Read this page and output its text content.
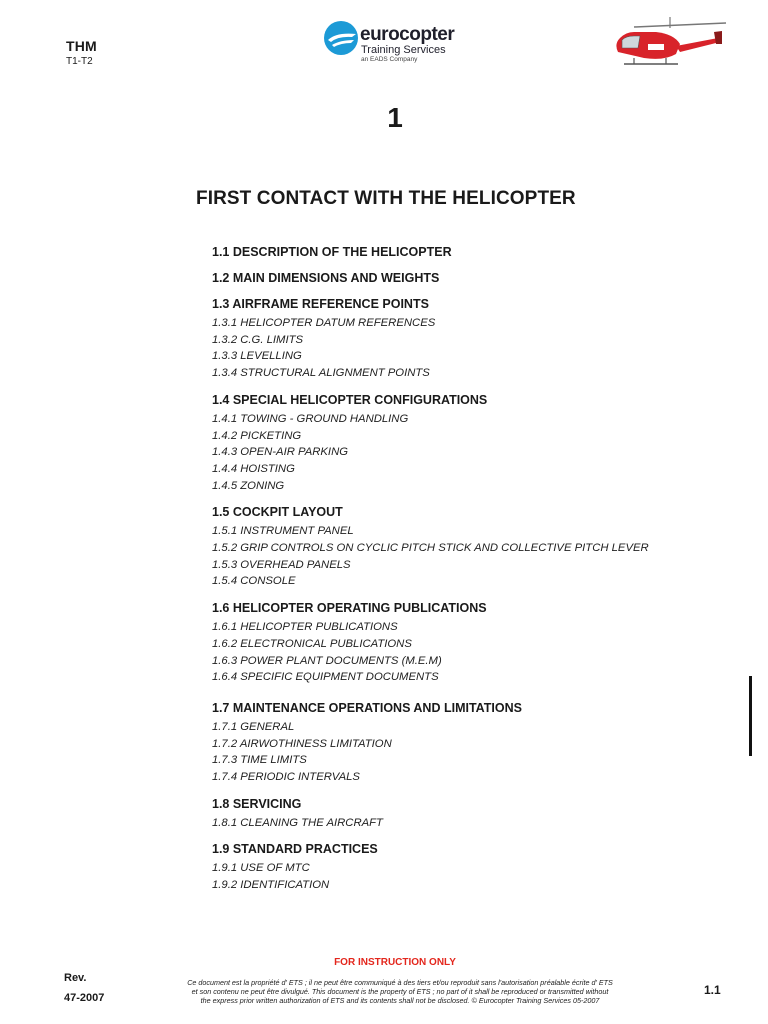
THM
T1-T2
eurocopter
Training Services
an EADS Company
1
FIRST CONTACT WITH THE HELICOPTER
1.1 DESCRIPTION OF THE HELICOPTER
1.2 MAIN DIMENSIONS AND WEIGHTS
1.3 AIRFRAME REFERENCE POINTS
1.3.1 HELICOPTER DATUM REFERENCES
1.3.2 C.G. LIMITS
1.3.3 LEVELLING
1.3.4 STRUCTURAL ALIGNMENT POINTS
1.4 SPECIAL HELICOPTER CONFIGURATIONS
1.4.1 TOWING - GROUND HANDLING
1.4.2 PICKETING
1.4.3 OPEN-AIR PARKING
1.4.4 HOISTING
1.4.5 ZONING
1.5 COCKPIT LAYOUT
1.5.1 INSTRUMENT PANEL
1.5.2 GRIP CONTROLS ON CYCLIC PITCH STICK AND COLLECTIVE PITCH LEVER
1.5.3 OVERHEAD PANELS
1.5.4 CONSOLE
1.6 HELICOPTER OPERATING PUBLICATIONS
1.6.1 HELICOPTER PUBLICATIONS
1.6.2 ELECTRONICAL PUBLICATIONS
1.6.3 POWER PLANT DOCUMENTS (M.E.M)
1.6.4 SPECIFIC EQUIPMENT DOCUMENTS
1.7 MAINTENANCE OPERATIONS AND LIMITATIONS
1.7.1 GENERAL
1.7.2 AIRWOTHINESS LIMITATION
1.7.3 TIME LIMITS
1.7.4 PERIODIC INTERVALS
1.8 SERVICING
1.8.1 CLEANING THE AIRCRAFT
1.9 STANDARD PRACTICES
1.9.1 USE OF MTC
1.9.2 IDENTIFICATION
FOR INSTRUCTION ONLY
Rev.
47-2007
Ce document est la propriété d' ETS ; il ne peut être communiqué à des tiers et/ou reproduit sans l'autorisation préalable écrite d' ETS
et son contenu ne peut être divulgué. This document is the property of ETS ; no part of it shall be reproduced or transmitted without
the express prior written authorization of ETS and its contents shall not be disclosed. © Eurocopter Training Services 05-2007
1.1
